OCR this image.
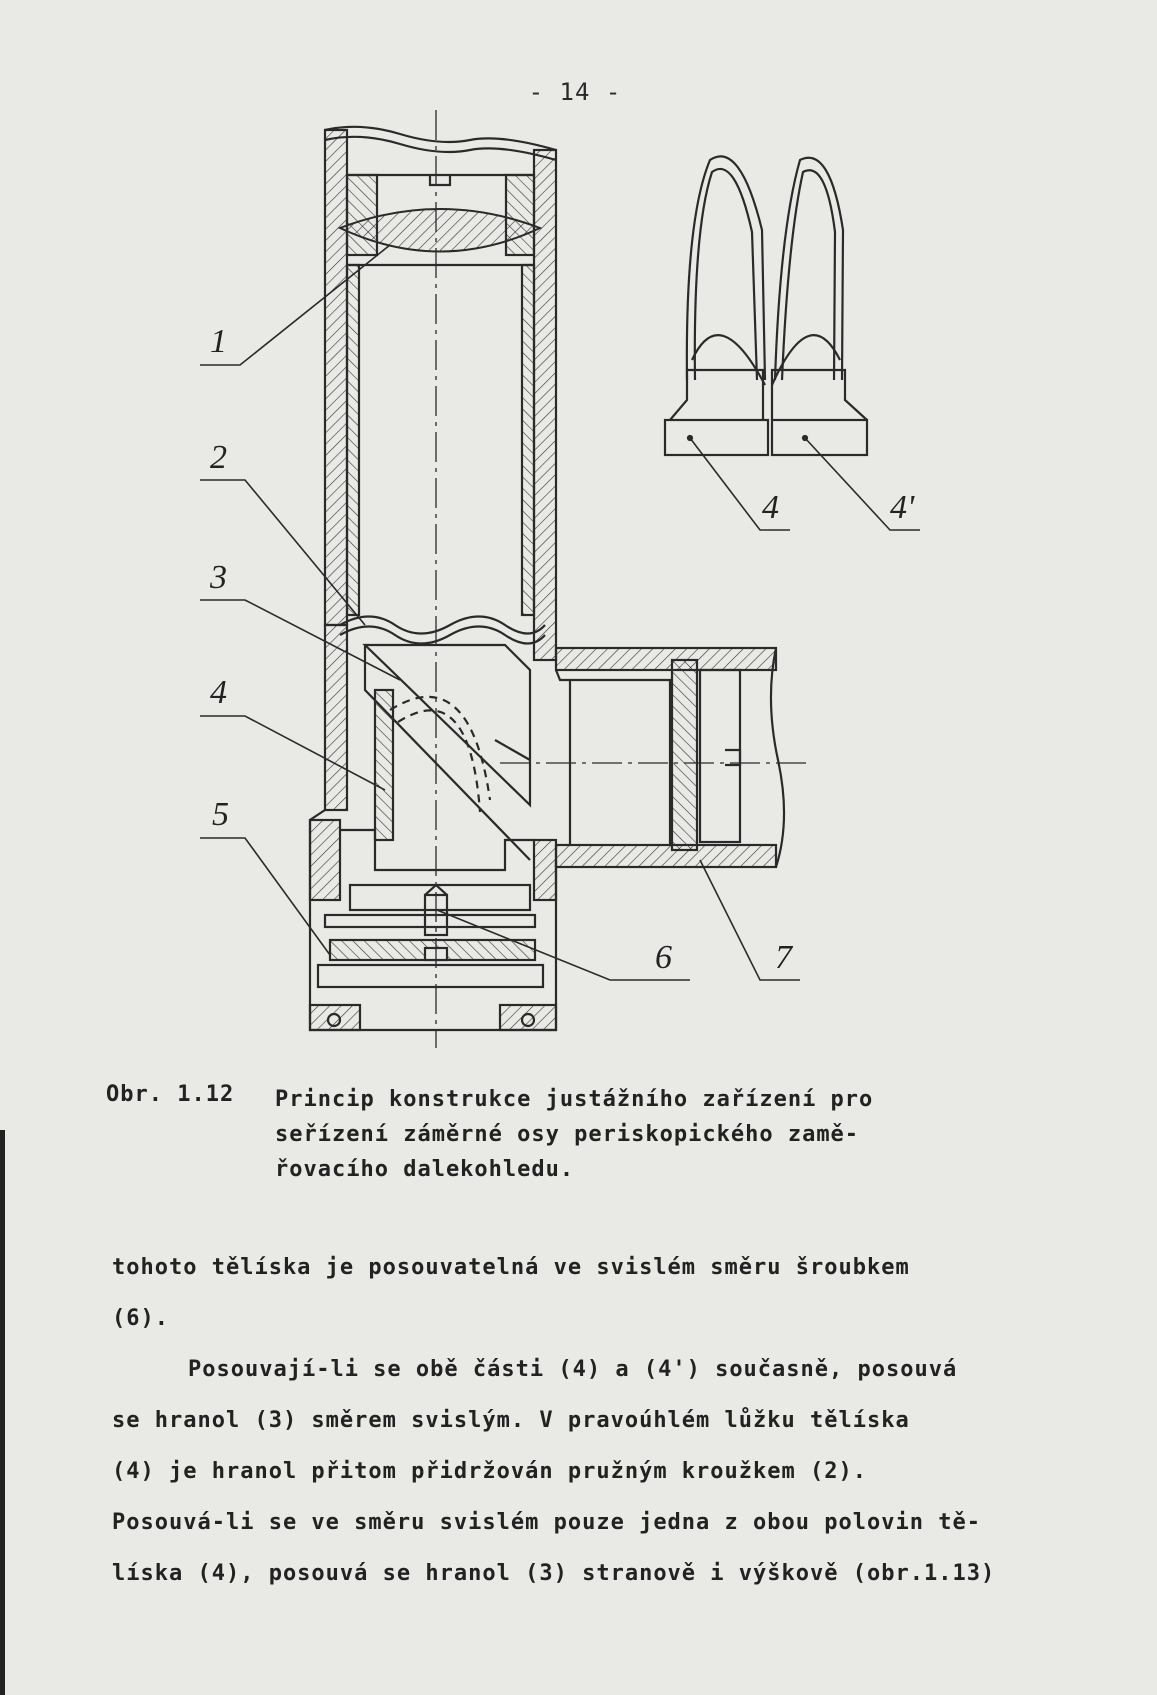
- 14 -
1
2
3
4
5
6	7
4	4'
Obr. 1.12 Princip konstrukce justážního zařízení pro
seřízení záměrné osy periskopického zamě-
řovacího dalekohledu.

tohoto tělíska je posouvatelná ve svislém směru šroubkem

(6).

Posouvají-li se obě části (4) a (4') současně, posouvá

se hranol (3) směrem svislým. V pravoúhlém lůžku tělíska

(4) je hranol přitom přidržován pružným kroužkem (2).

Posouvá-li se ve směru svislém pouze jedna z obou polovin tě-

líska (4), posouvá se hranol (3) stranově i výškově (obr.1.13)
